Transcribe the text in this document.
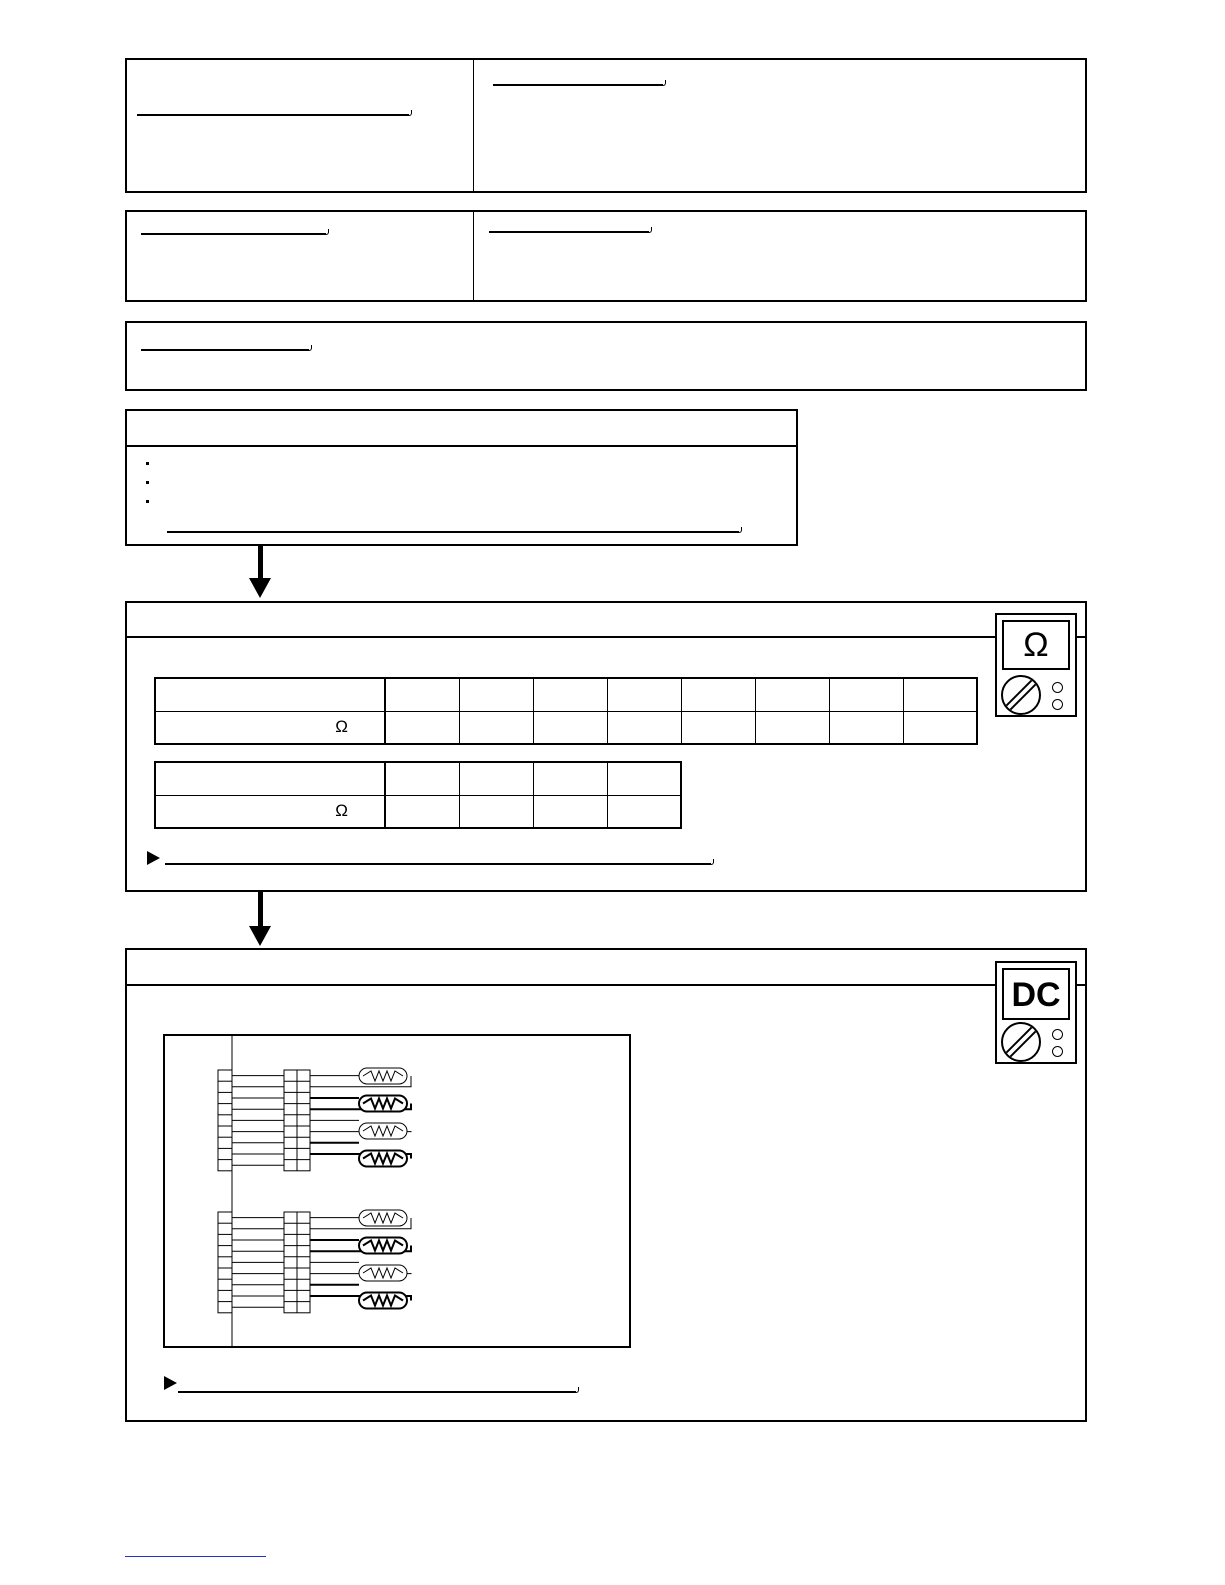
Ω								

Ω				
Ω
DC
